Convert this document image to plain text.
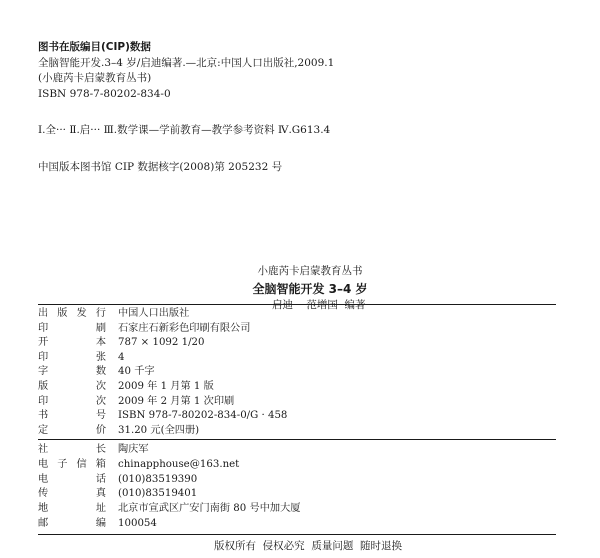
图书在版编目(CIP)数据
全脑智能开发.3–4 岁/启迪编著.—北京:中国人口出版社,2009.1
(小鹿芮卡启蒙教育丛书)
ISBN 978-7-80202-834-0
Ⅰ.全··· Ⅱ.启··· Ⅲ.数学课—学前教育—教学参考资料 Ⅳ.G613.4
中国版本图书馆 CIP 数据核字(2008)第 205232 号
小鹿芮卡启蒙教育丛书
全脑智能开发 3–4 岁
启迪    范增国  编著
出 版 发 行 中国人口出版社
印	刷 石家庄石新彩色印刷有限公司
开	本 787 × 1092 1/20
印	张 4
字	数 40 千字
版	次 2009 年 1 月第 1 版
印	次 2009 年 2 月第 1 次印刷
书	号 ISBN 978-7-80202-834-0/G · 458
定	价 31.20 元(全四册)
社	长 陶庆军
电 子 信 箱 chinapphouse@163.net
电	话 (010)83519390
传	真 (010)83519401
地	址 北京市宣武区广安门南街 80 号中加大厦
邮	编 100054
版权所有  侵权必究  质量问题  随时退换
